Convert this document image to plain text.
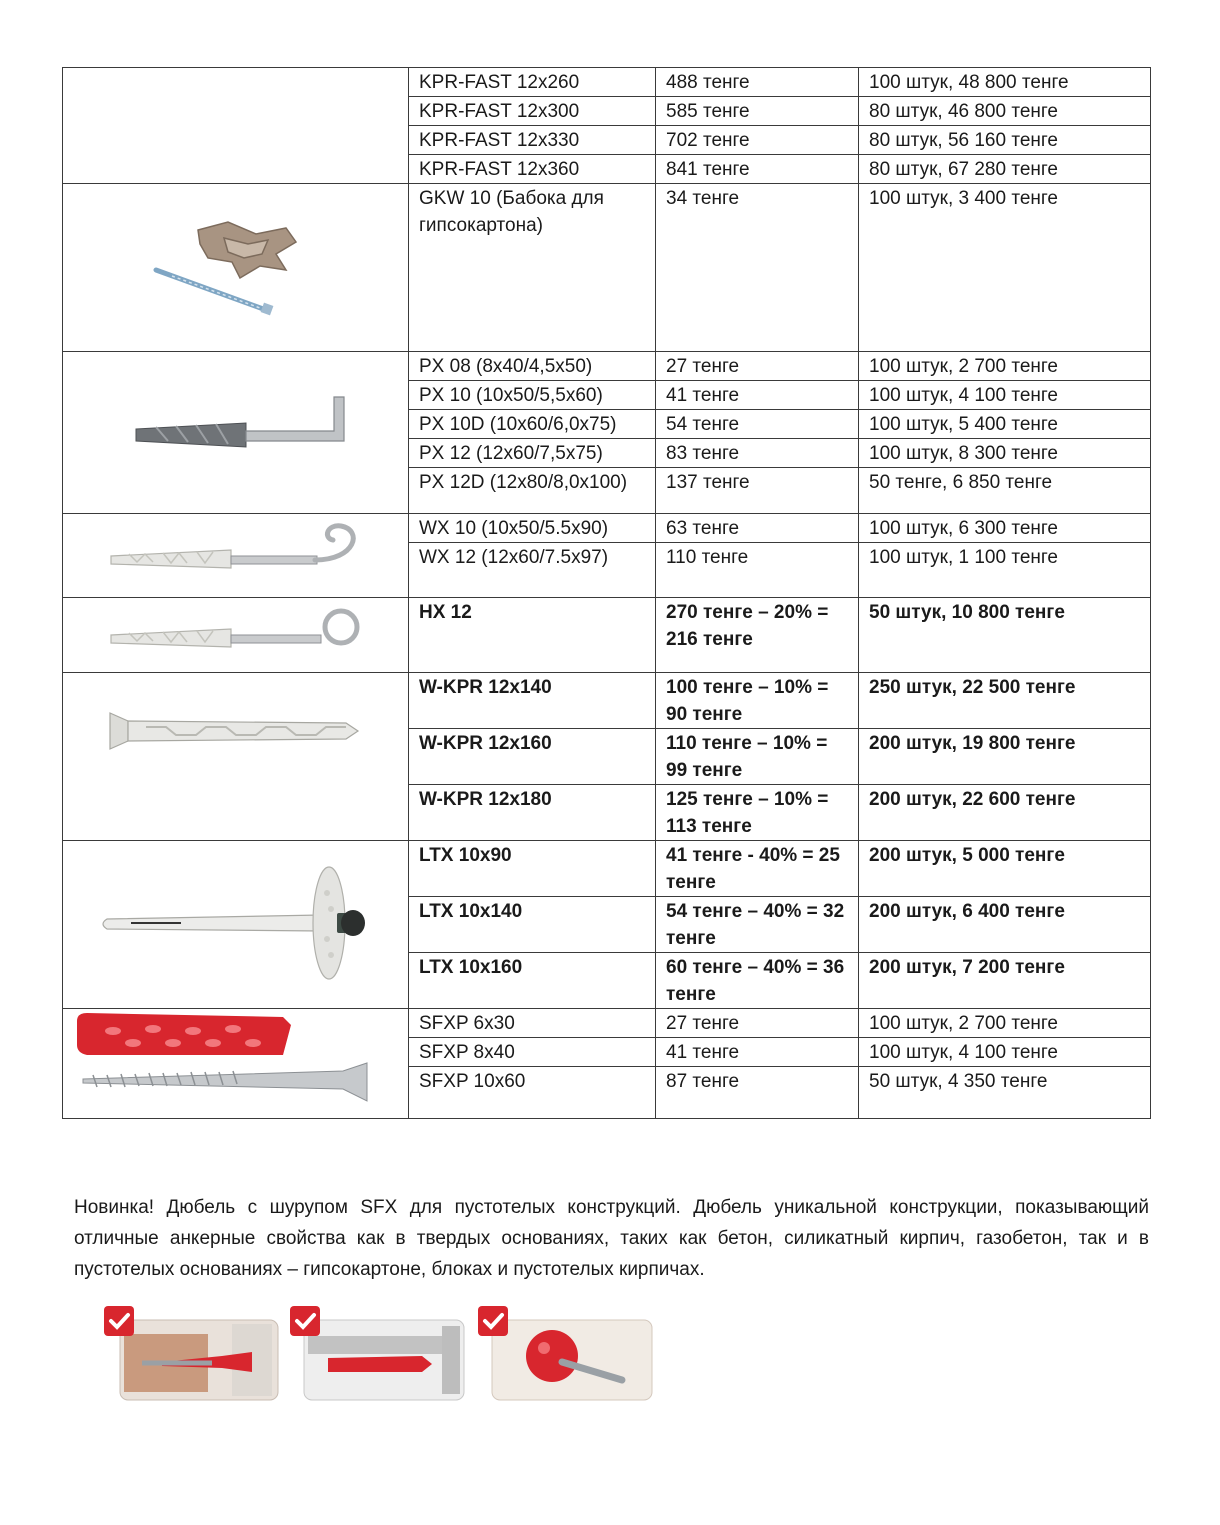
	KPR-FAST 12x260	488 тенге	100 штук, 48 800 тенге
	KPR-FAST 12x300	585 тенге	80 штук, 46 800 тенге
	KPR-FAST 12x330	702 тенге	80 штук, 56 160 тенге
	KPR-FAST 12x360	841 тенге	80 штук, 67 280 тенге

	GKW 10 (Бабока для гипсокартона)	34 тенге	100 штук, 3 400 тенге

	PX 08 (8x40/4,5x50)	27 тенге	100 штук, 2 700 тенге
	PX 10 (10x50/5,5x60)	41 тенге	100 штук, 4 100 тенге
	PX 10D (10x60/6,0x75)	54 тенге	100 штук, 5 400 тенге
	PX 12 (12x60/7,5x75)	83 тенге	100 штук, 8 300 тенге
	PX 12D (12x80/8,0x100)	137 тенге	50 тенге, 6 850 тенге

	WX 10 (10x50/5.5x90)	63 тенге	100 штук, 6 300 тенге
	WX 12 (12x60/7.5x97)	110 тенге	100 штук, 1 100 тенге

	HX 12	270 тенге – 20% = 216 тенге	50 штук, 10 800 тенге

	W-KPR 12x140	100 тенге – 10% = 90 тенге	250 штук, 22 500 тенге
	W-KPR 12x160	110 тенге – 10% = 99 тенге	200 штук, 19 800 тенге
	W-KPR 12x180	125 тенге – 10% = 113 тенге	200 штук, 22 600 тенге

	LTX 10x90	41 тенге - 40% = 25 тенге	200 штук, 5 000 тенге
	LTX 10x140	54 тенге – 40% = 32 тенге	200 штук, 6 400 тенге
	LTX 10x160	60 тенге – 40% = 36 тенге	200 штук, 7 200 тенге

	SFXP 6x30	27 тенге	100 штук, 2 700 тенге
	SFXP 8x40	41 тенге	100 штук, 4 100 тенге
	SFXP 10x60	87 тенге	50 штук, 4 350 тенге

Новинка! Дюбель с шурупом SFX для пустотелых конструкций. Дюбель уникальной конструкции, показывающий отличные анкерные свойства как в твердых основаниях, таких как бетон, силикатный кирпич, газобетон, так и в пустотелых основаниях – гипсокартоне, блоках и пустотелых кирпичах.
